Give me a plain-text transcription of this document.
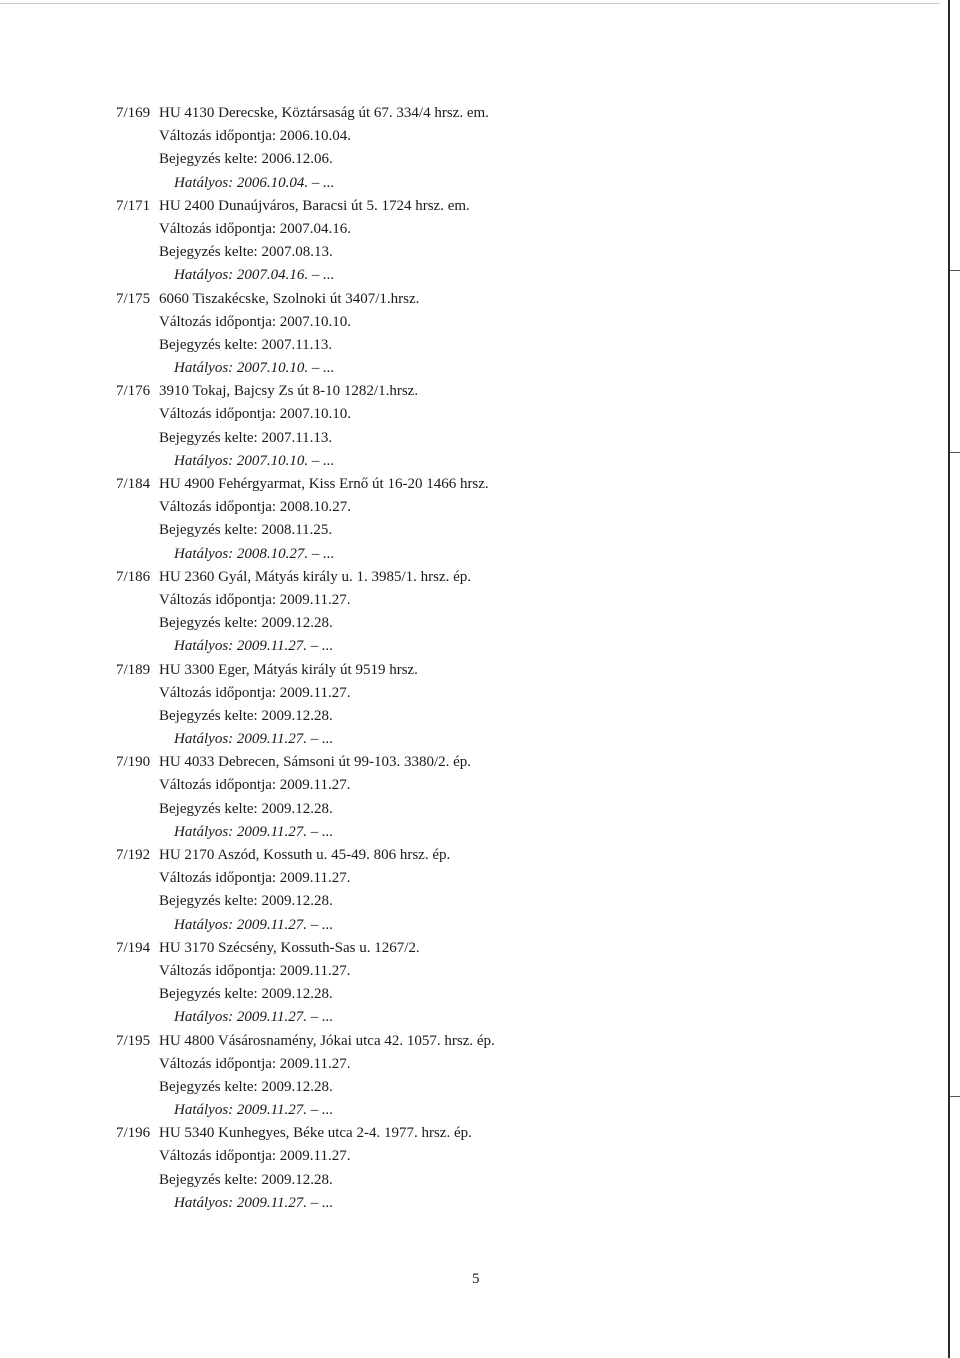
7/169 HU 4130 Derecske, Köztársaság út 67. 334/4 hrsz. em.
Változás időpontja: 2006.10.04.
Bejegyzés kelte: 2006.12.06.
Hatályos: 2006.10.04. – ...
7/171 HU 2400 Dunaújváros, Baracsi út 5. 1724 hrsz. em.
Változás időpontja: 2007.04.16.
Bejegyzés kelte: 2007.08.13.
Hatályos: 2007.04.16. – ...
7/175 6060 Tiszakécske, Szolnoki út 3407/1.hrsz.
Változás időpontja: 2007.10.10.
Bejegyzés kelte: 2007.11.13.
Hatályos: 2007.10.10. – ...
7/176 3910 Tokaj, Bajcsy Zs út 8-10 1282/1.hrsz.
Változás időpontja: 2007.10.10.
Bejegyzés kelte: 2007.11.13.
Hatályos: 2007.10.10. – ...
7/184 HU 4900 Fehérgyarmat, Kiss Ernő út 16-20 1466 hrsz.
Változás időpontja: 2008.10.27.
Bejegyzés kelte: 2008.11.25.
Hatályos: 2008.10.27. – ...
7/186 HU 2360 Gyál, Mátyás király u. 1. 3985/1. hrsz. ép.
Változás időpontja: 2009.11.27.
Bejegyzés kelte: 2009.12.28.
Hatályos: 2009.11.27. – ...
7/189 HU 3300 Eger, Mátyás király út 9519 hrsz.
Változás időpontja: 2009.11.27.
Bejegyzés kelte: 2009.12.28.
Hatályos: 2009.11.27. – ...
7/190 HU 4033 Debrecen, Sámsoni út 99-103. 3380/2. ép.
Változás időpontja: 2009.11.27.
Bejegyzés kelte: 2009.12.28.
Hatályos: 2009.11.27. – ...
7/192 HU 2170 Aszód, Kossuth u. 45-49. 806 hrsz. ép.
Változás időpontja: 2009.11.27.
Bejegyzés kelte: 2009.12.28.
Hatályos: 2009.11.27. – ...
7/194 HU 3170 Szécsény, Kossuth-Sas u. 1267/2.
Változás időpontja: 2009.11.27.
Bejegyzés kelte: 2009.12.28.
Hatályos: 2009.11.27. – ...
7/195 HU 4800 Vásárosnamény, Jókai utca 42. 1057. hrsz. ép.
Változás időpontja: 2009.11.27.
Bejegyzés kelte: 2009.12.28.
Hatályos: 2009.11.27. – ...
7/196 HU 5340 Kunhegyes, Béke utca 2-4. 1977. hrsz. ép.
Változás időpontja: 2009.11.27.
Bejegyzés kelte: 2009.12.28.
Hatályos: 2009.11.27. – ...
5
